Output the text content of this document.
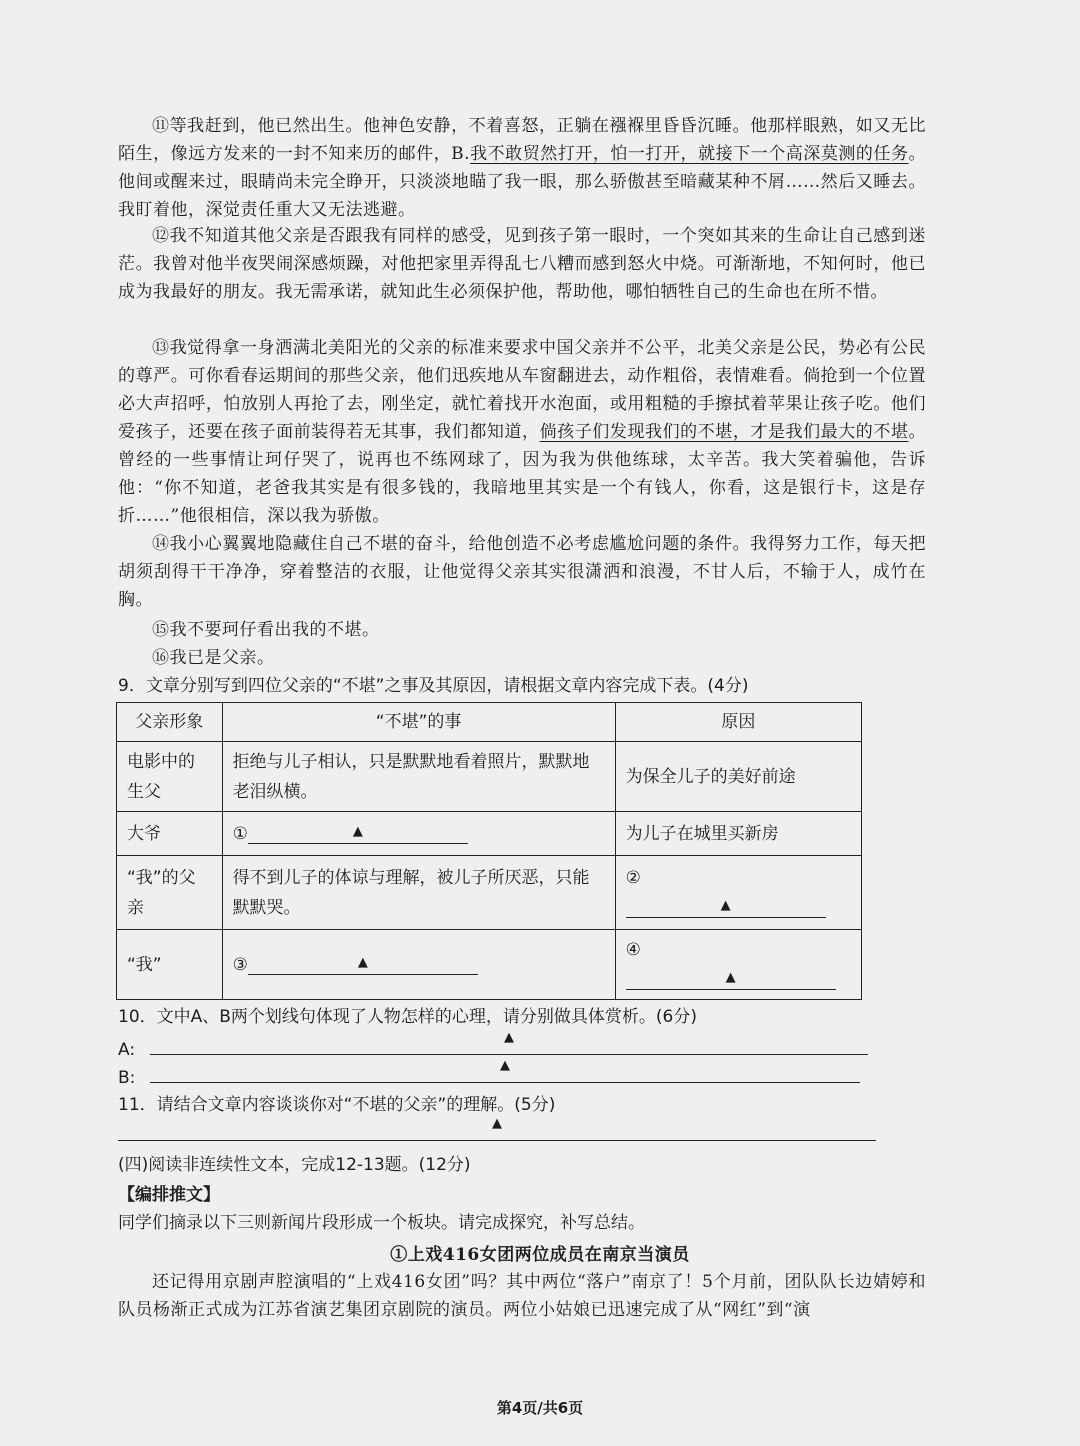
⑪等我赶到，他已然出生。他神色安静，不着喜怒，正躺在襁褓里昏昏沉睡。他那样眼熟，如又无比陌生，像远方发来的一封不知来历的邮件，B.我不敢贸然打开，怕一打开，就接下一个高深莫测的任务。他间或醒来过，眼睛尚未完全睁开，只淡淡地瞄了我一眼，那么骄傲甚至暗藏某种不屑……然后又睡去。我盯着他，深觉责任重大又无法逃避。

⑫我不知道其他父亲是否跟我有同样的感受，见到孩子第一眼时，一个突如其来的生命让自己感到迷茫。我曾对他半夜哭闹深感烦躁，对他把家里弄得乱七八糟而感到怒火中烧。可渐渐地，不知何时，他已成为我最好的朋友。我无需承诺，就知此生必须保护他，帮助他，哪怕牺牲自己的生命也在所不惜。

⑬我觉得拿一身洒满北美阳光的父亲的标准来要求中国父亲并不公平，北美父亲是公民，势必有公民的尊严。可你看春运期间的那些父亲，他们迅疾地从车窗翻进去，动作粗俗，表情难看。倘抢到一个位置必大声招呼，怕放别人再抢了去，刚坐定，就忙着找开水泡面，或用粗糙的手擦拭着苹果让孩子吃。他们爱孩子，还要在孩子面前装得若无其事，我们都知道，倘孩子们发现我们的不堪，才是我们最大的不堪。曾经的一些事情让珂仔哭了，说再也不练网球了，因为我为供他练球，太辛苦。我大笑着骗他，告诉他：“你不知道，老爸我其实是有很多钱的，我暗地里其实是一个有钱人，你看，这是银行卡，这是存折……”他很相信，深以我为骄傲。

⑭我小心翼翼地隐藏住自己不堪的奋斗，给他创造不必考虑尴尬问题的条件。我得努力工作，每天把胡须刮得干干净净，穿着整洁的衣服，让他觉得父亲其实很潇洒和浪漫，不甘人后，不输于人，成竹在胸。

⑮我不要珂仔看出我的不堪。

⑯我已是父亲。

9．文章分别写到四位父亲的“不堪”之事及其原因，请根据文章内容完成下表。(4分)

父亲形象	“不堪”的事	原因
电影中的生父	拒绝与儿子相认，只是默默地看着照片，默默地老泪纵横。	为保全儿子的美好前途
大爷	① ▲	为儿子在城里买新房
“我”的父亲	得不到儿子的体谅与理解，被儿子所厌恶，只能默默哭。	②
▲

“我”	③ ▲	④
▲

10．文中A、B两个划线句体现了人物怎样的心理，请分别做具体赏析。(6分)

A:
▲
B:
▲

11．请结合文章内容谈谈你对“不堪的父亲”的理解。(5分)

▲

(四)阅读非连续性文本，完成12-13题。(12分)

【编排推文】

同学们摘录以下三则新闻片段形成一个板块。请完成探究，补写总结。

①上戏416女团两位成员在南京当演员

还记得用京剧声腔演唱的“上戏416女团”吗？其中两位“落户”南京了！5个月前，团队队长边婧婷和队员杨渐正式成为江苏省演艺集团京剧院的演员。两位小姑娘已迅速完成了从“网红”到“演

第4页/共6页
